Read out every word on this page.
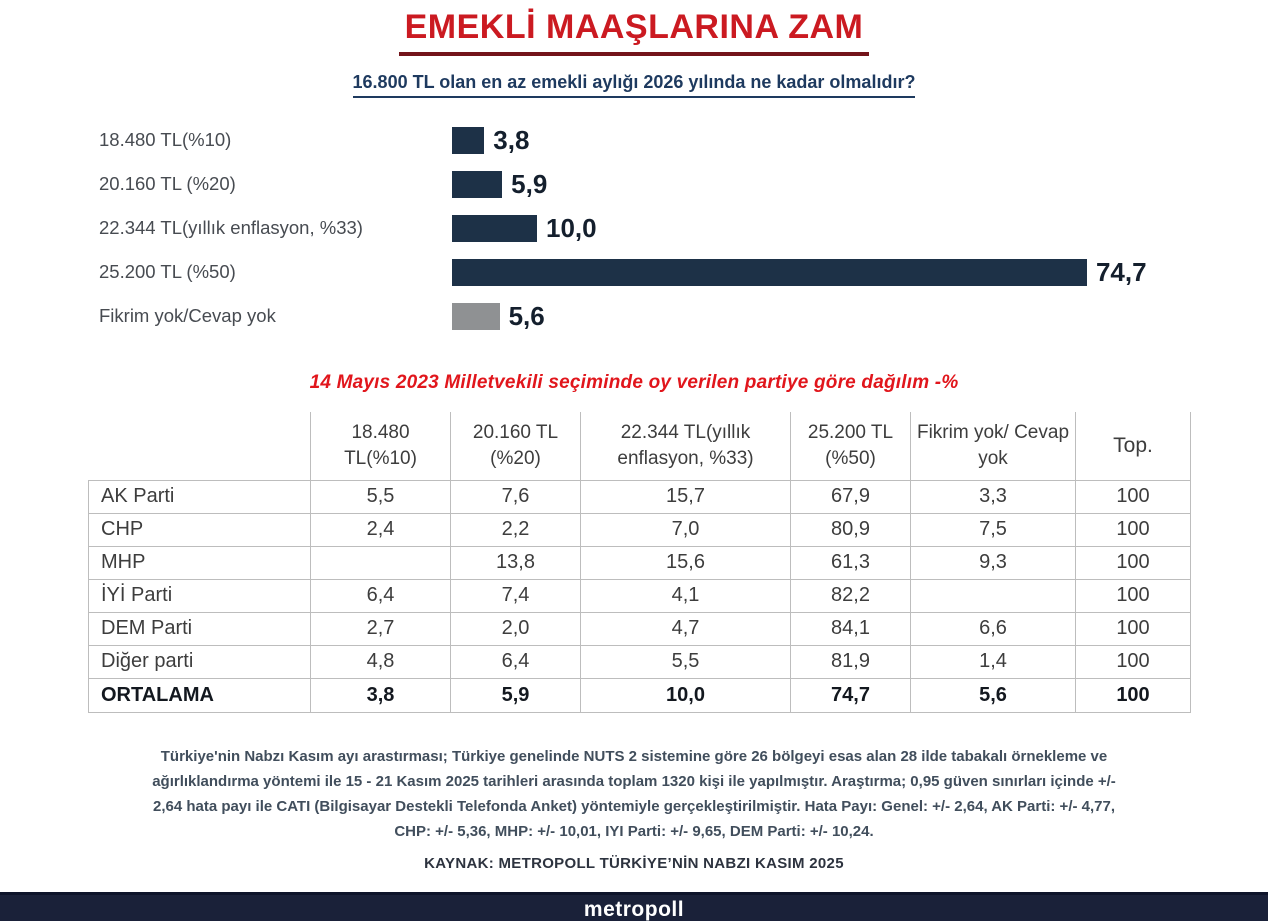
EMEKLİ MAAŞLARINA ZAM
16.800 TL olan en az emekli aylığı 2026 yılında ne kadar olmalıdır?
18.480 TL(%10)	3,8
20.160 TL (%20)	5,9
22.344 TL(yıllık enflasyon, %33)	10,0
25.200 TL (%50)	74,7
Fikrim yok/Cevap yok	5,6
14 Mayıs 2023 Milletvekili seçiminde oy verilen partiye göre dağılım -%
	18.480 TL(%10)	20.160 TL (%20)	22.344 TL(yıllık enflasyon, %33)	25.200 TL (%50)	Fikrim yok/ Cevap yok	Top.
AK Parti	5,5	7,6	15,7	67,9	3,3	100
CHP	2,4	2,2	7,0	80,9	7,5	100
MHP		13,8	15,6	61,3	9,3	100
İYİ Parti	6,4	7,4	4,1	82,2		100
DEM Parti	2,7	2,0	4,7	84,1	6,6	100
Diğer parti	4,8	6,4	5,5	81,9	1,4	100
ORTALAMA	3,8	5,9	10,0	74,7	5,6	100
Türkiye'nin Nabzı Kasım ayı arastırması; Türkiye genelinde NUTS 2 sistemine göre 26 bölgeyi esas alan 28 ilde tabakalı örnekleme ve
ağırlıklandırma yöntemi ile 15 - 21 Kasım 2025 tarihleri arasında toplam 1320 kişi ile yapılmıştır. Araştırma; 0,95 güven sınırları içinde +/-
2,64 hata payı ile CATI (Bilgisayar Destekli Telefonda Anket) yöntemiyle gerçekleştirilmiştir. Hata Payı: Genel: +/- 2,64, AK Parti: +/- 4,77,
CHP: +/- 5,36, MHP: +/- 10,01, IYI Parti: +/- 9,65, DEM Parti: +/- 10,24.
KAYNAK: METROPOLL TÜRKİYE’NİN NABZI KASIM 2025
metropoll
